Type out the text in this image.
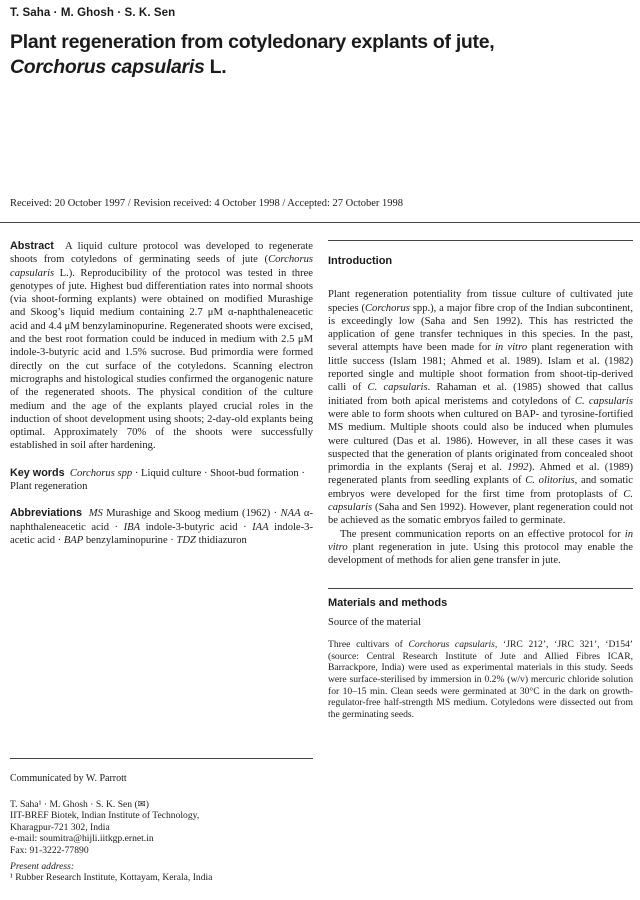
T. Saha · M. Ghosh · S. K. Sen
Plant regeneration from cotyledonary explants of jute,
Corchorus capsularis L.
Received: 20 October 1997 / Revision received: 4 October 1998 / Accepted: 27 October 1998

Abstract A liquid culture protocol was developed to regenerate shoots from cotyledons of germinating seeds of jute (Corchorus capsularis L.). Reproducibility of the protocol was tested in three genotypes of jute. Highest bud differentiation rates into normal shoots (via shoot-forming explants) were obtained on modified Murashige and Skoog’s liquid medium containing 2.7 μM α-naphthaleneacetic acid and 4.4 μM benzylaminopurine. Regenerated shoots were excised, and the best root formation could be induced in medium with 2.5 μM indole-3-butyric acid and 1.5% sucrose. Bud primordia were formed directly on the cut surface of the cotyledons. Scanning electron micrographs and histological studies confirmed the organogenic nature of the regenerated shoots. The physical condition of the culture medium and the age of the explants played crucial roles in the induction of shoot development using shoots; 2-day-old explants being optimal. Approximately 70% of the shoots were successfully established in soil after hardening.

Key words Corchorus spp · Liquid culture · Shoot-bud formation · Plant regeneration

Abbreviations MS Murashige and Skoog medium (1962) · NAA α-naphthaleneacetic acid · IBA indole-3-butyric acid · IAA indole-3-acetic acid · BAP benzylaminopurine · TDZ thidiazuron

Communicated by W. Parrott
T. Saha¹ · M. Ghosh · S. K. Sen (✉)
IIT-BREF Biotek, Indian Institute of Technology,
Kharagpur-721 302, India
e-mail: soumitra@hijli.iitkgp.ernet.in
Fax: 91-3222-77890
Present address:
¹ Rubber Research Institute, Kottayam, Kerala, India
Introduction

Plant regeneration potentiality from tissue culture of cultivated jute species (Corchorus spp.), a major fibre crop of the Indian subcontinent, is exceedingly low (Saha and Sen 1992). This has restricted the application of gene transfer techniques in this species. In the past, several attempts have been made for in vitro plant regeneration with little success (Islam 1981; Ahmed et al. 1989). Islam et al. (1982) reported single and multiple shoot formation from shoot-tip-derived calli of C. capsularis. Rahaman et al. (1985) showed that callus initiated from both apical meristems and cotyledons of C. capsularis were able to form shoots when cultured on BAP- and tyrosine-fortified MS medium. Multiple shoots could also be induced when plumules were cultured (Das et al. 1986). However, in all these cases it was suspected that the generation of plants originated from concealed shoot primordia in the explants (Seraj et al. 1992). Ahmed et al. (1989) regenerated plants from seedling explants of C. olitorius, and somatic embryos were developed for the first time from protoplasts of C. capsularis (Saha and Sen 1992). However, plant regeneration could not be achieved as the somatic embryos failed to germinate.

The present communication reports on an effective protocol for in vitro plant regeneration in jute. Using this protocol may enable the development of methods for alien gene transfer in jute.

Materials and methods
Source of the material

Three cultivars of Corchorus capsularis, ‘JRC 212’, ‘JRC 321’, ‘D154’ (source: Central Research Institute of Jute and Allied Fibres ICAR, Barrackpore, India) were used as experimental materials in this study. Seeds were surface-sterilised by immersion in 0.2% (w/v) mercuric chloride solution for 10–15 min. Clean seeds were germinated at 30°C in the dark on growth-regulator-free half-strength MS medium. Cotyledons were dissected out from the germinating seeds.
